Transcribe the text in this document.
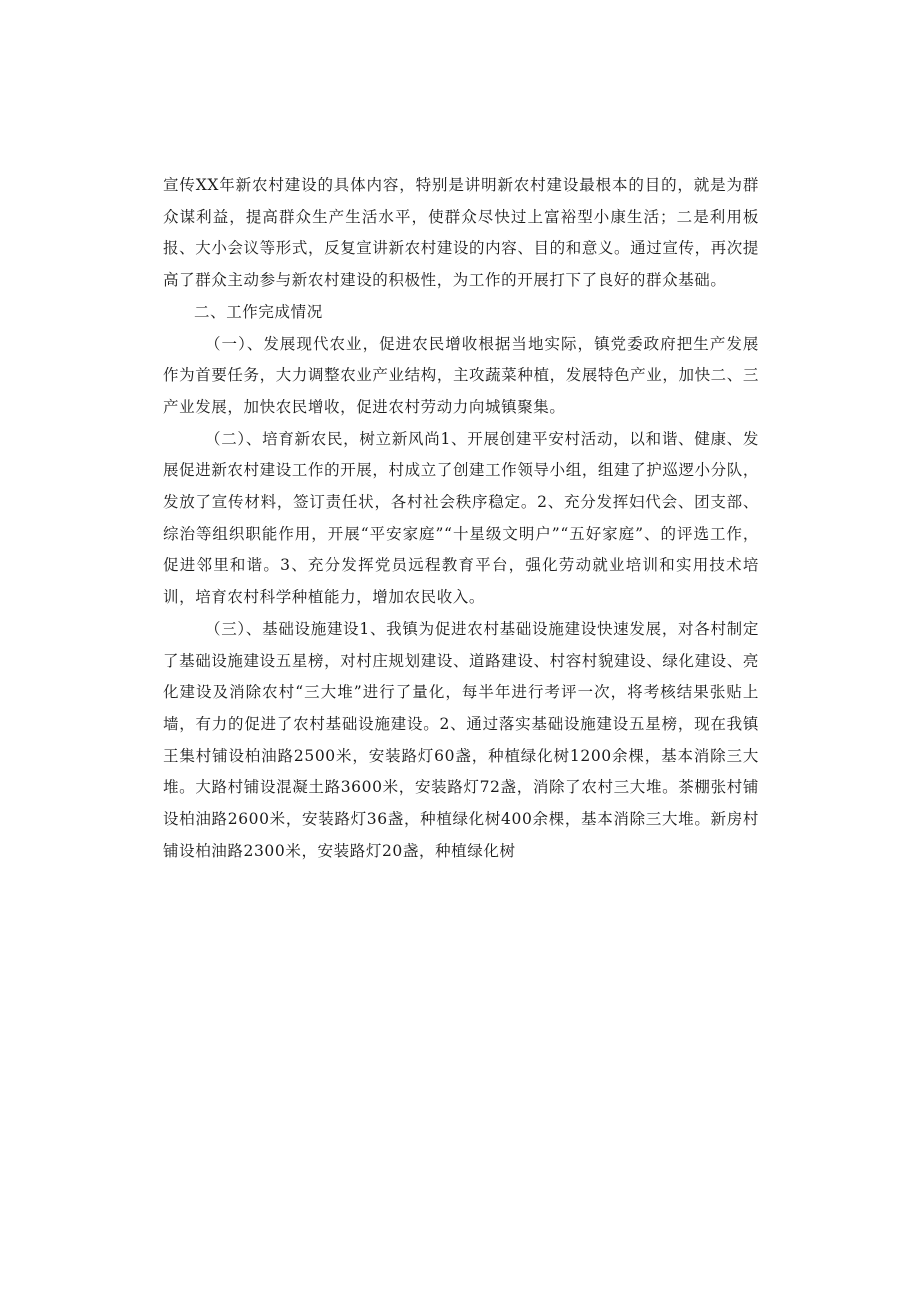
宣传XX年新农村建设的具体内容，特别是讲明新农村建设最根本的目的，就是为群众谋利益，提高群众生产生活水平，使群众尽快过上富裕型小康生活；二是利用板报、大小会议等形式，反复宣讲新农村建设的内容、目的和意义。通过宣传，再次提高了群众主动参与新农村建设的积极性，为工作的开展打下了良好的群众基础。

二、工作完成情况

（一）、发展现代农业，促进农民增收根据当地实际，镇党委政府把生产发展作为首要任务，大力调整农业产业结构，主攻蔬菜种植，发展特色产业，加快二、三产业发展，加快农民增收，促进农村劳动力向城镇聚集。

（二）、培育新农民，树立新风尚1、开展创建平安村活动，以和谐、健康、发展促进新农村建设工作的开展，村成立了创建工作领导小组，组建了护巡逻小分队，发放了宣传材料，签订责任状，各村社会秩序稳定。2、充分发挥妇代会、团支部、综治等组织职能作用，开展“平安家庭”“十星级文明户”“五好家庭”、的评选工作，促进邻里和谐。3、充分发挥党员远程教育平台，强化劳动就业培训和实用技术培训，培育农村科学种植能力，增加农民收入。

（三）、基础设施建设1、我镇为促进农村基础设施建设快速发展，对各村制定了基础设施建设五星榜，对村庄规划建设、道路建设、村容村貌建设、绿化建设、亮化建设及消除农村“三大堆”进行了量化，每半年进行考评一次，将考核结果张贴上墙，有力的促进了农村基础设施建设。2、通过落实基础设施建设五星榜，现在我镇王集村铺设柏油路2500米，安装路灯60盏，种植绿化树1200余棵，基本消除三大堆。大路村铺设混凝土路3600米，安装路灯72盏，消除了农村三大堆。茶棚张村铺设柏油路2600米，安装路灯36盏，种植绿化树400余棵，基本消除三大堆。新房村铺设柏油路2300米，安装路灯20盏，种植绿化树
